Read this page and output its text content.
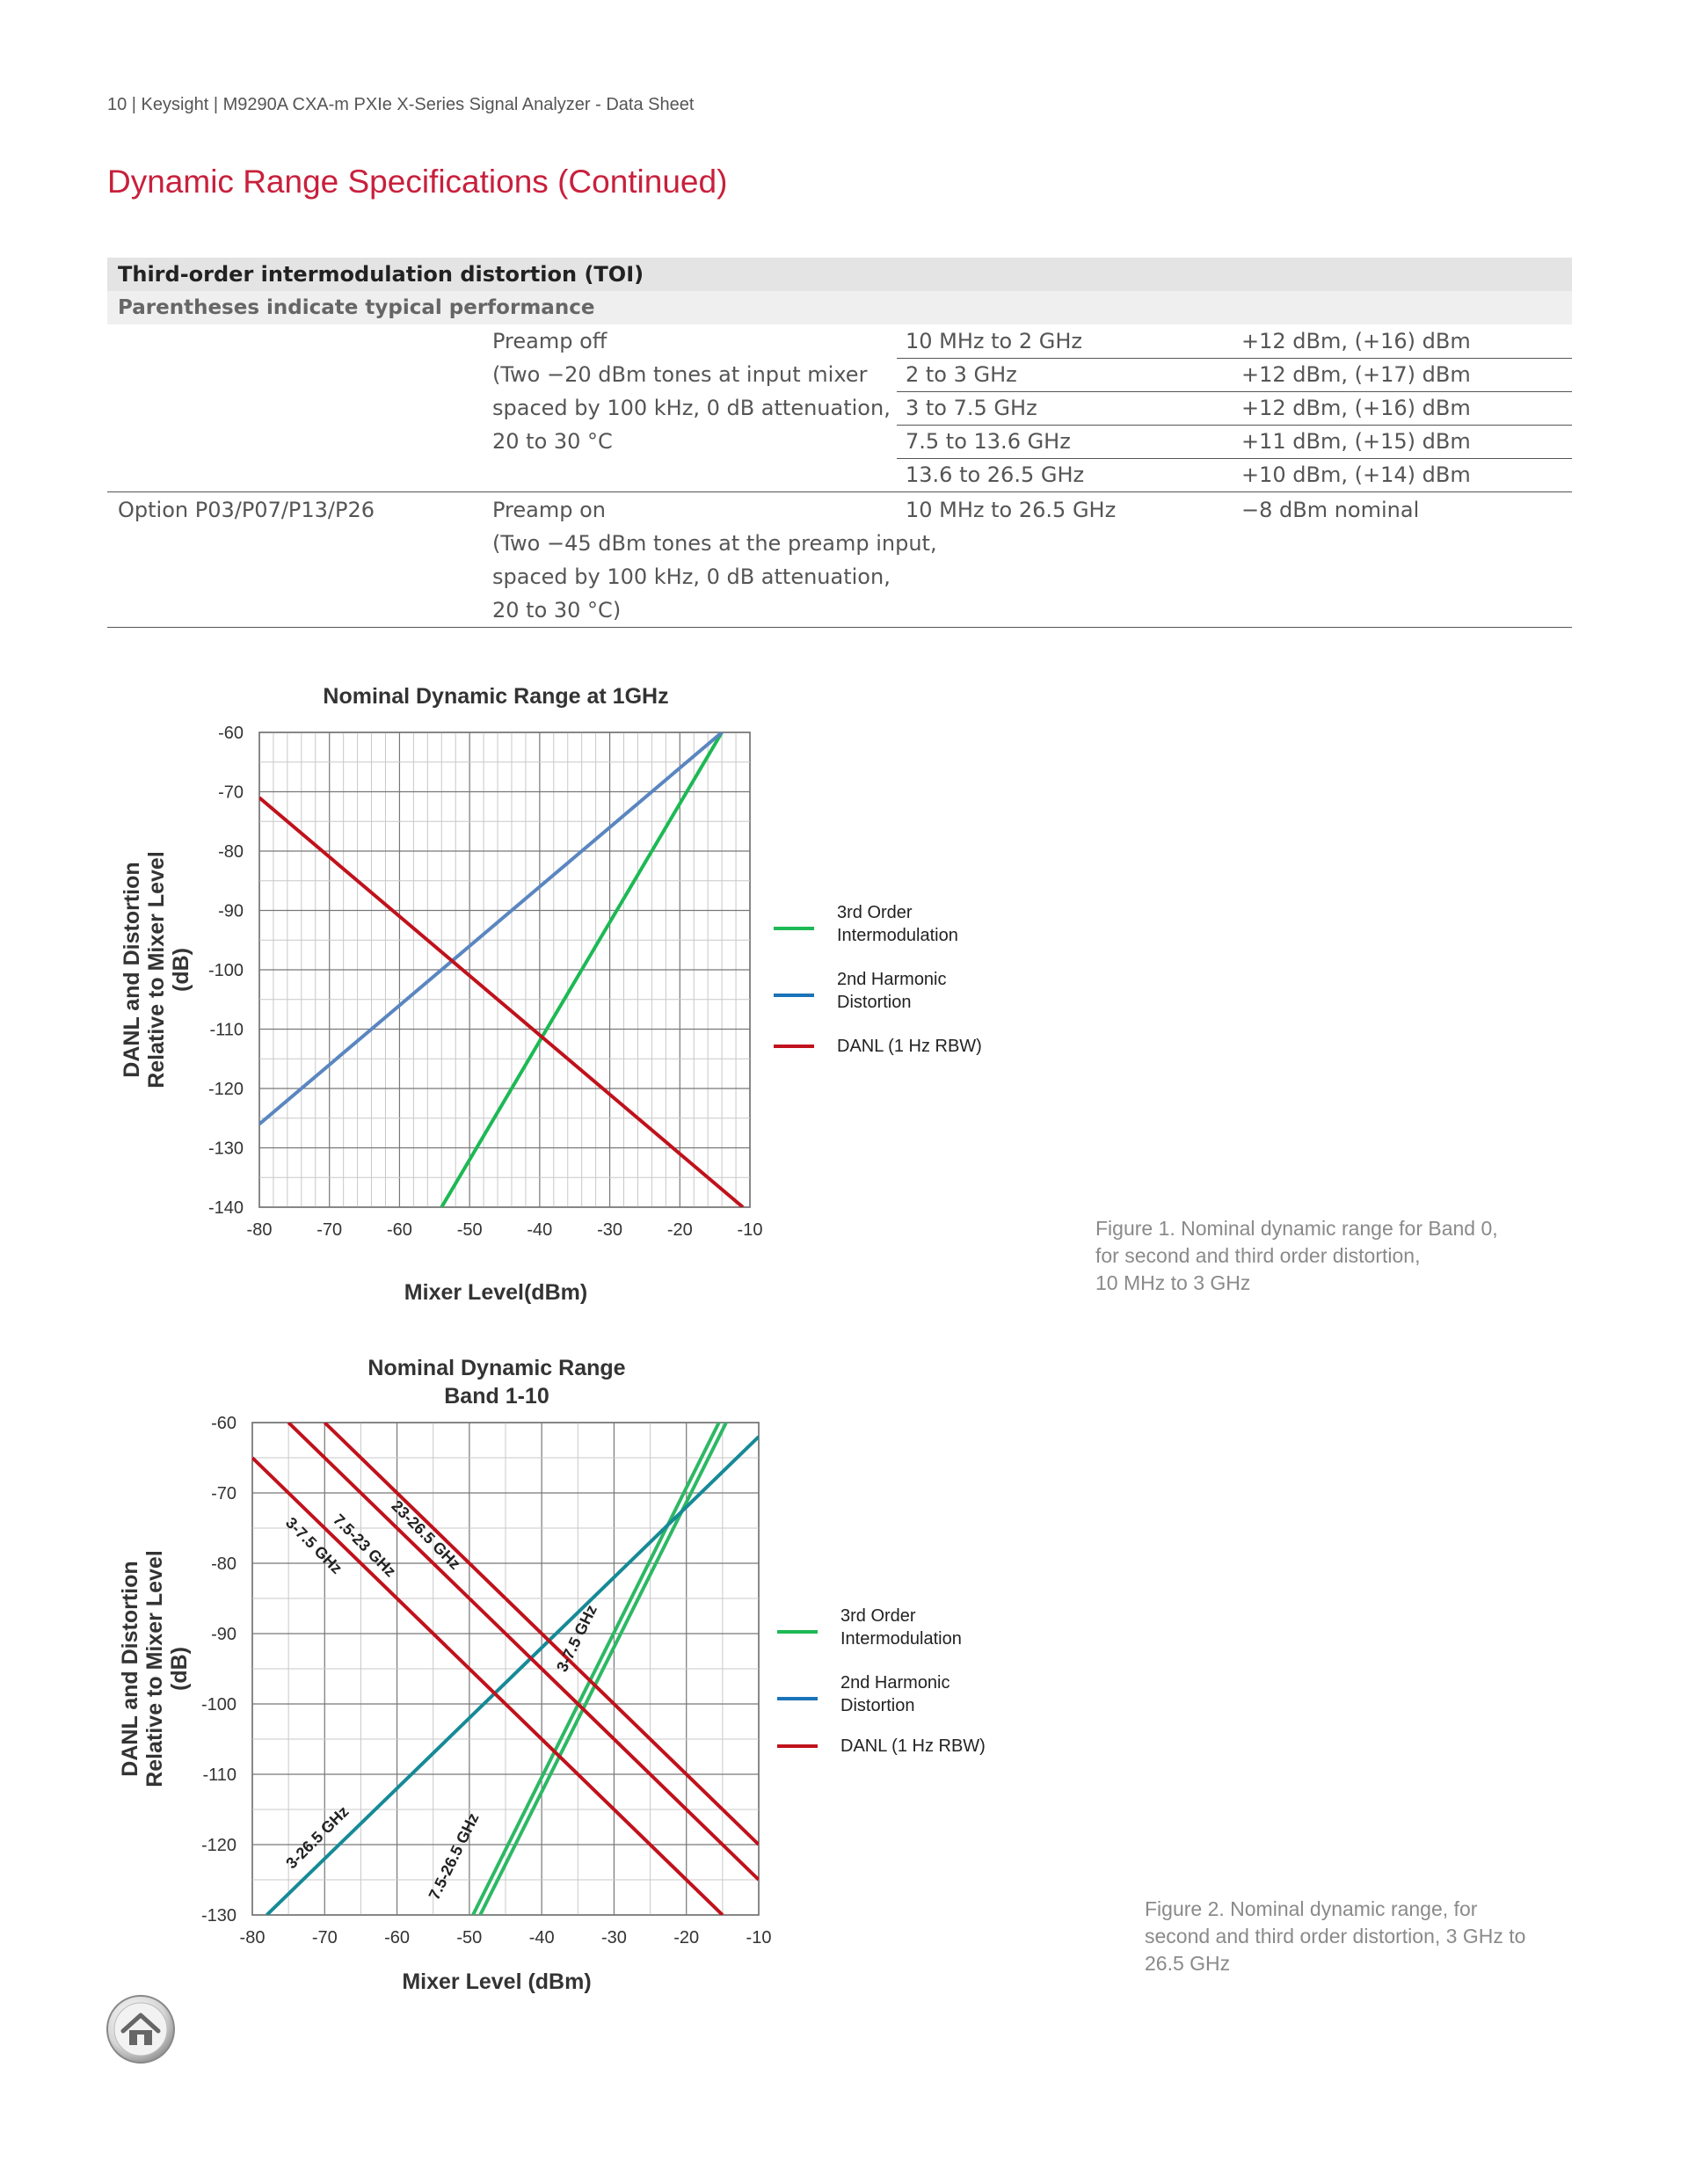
10 | Keysight | M9290A CXA-m PXIe X-Series Signal Analyzer - Data Sheet
Dynamic Range Specifications (Continued)
Third-order intermodulation distortion (TOI)
Parentheses indicate typical performance
Preamp off
(Two −20 dBm tones at input mixer
spaced by 100 kHz, 0 dB attenuation,
20 to 30 °C
10 MHz to 2 GHz	+12 dBm, (+16) dBm
2 to 3 GHz	+12 dBm, (+17) dBm
3 to 7.5 GHz	+12 dBm, (+16) dBm
7.5 to 13.6 GHz	+11 dBm, (+15) dBm
13.6 to 26.5 GHz	+10 dBm, (+14) dBm
Option P03/P07/P13/P26	Preamp on
(Two −45 dBm tones at the preamp input,
spaced by 100 kHz, 0 dB attenuation,
20 to 30 °C)
10 MHz to 26.5 GHz	−8 dBm nominal
-80	-70	-60	-50	-40	-30	-20	-10
-60
-70
-80
-90
-100
-110
-120
-130
-140
Nominal Dynamic Range at 1GHz
Mixer Level(dBm)
DANL and Distortion Relative to Mixer Level (dB)
3rd Order
Intermodulation
2nd Harmonic
Distortion
DANL (1 Hz RBW)
Figure 1. Nominal dynamic range for Band 0,
for second and third order distortion,
10 MHz to 3 GHz
-80	-70	-60	-50	-40	-30	-20	-10
-60
-70
-80
-90
-100
-110
-120
-130
3-7.5 GHz
7.5-23 GHz
23-26.5 GHz
3-7.5 GHz
3-26.5 GHz	7.5-26.5 GHz
Nominal Dynamic Range
Band 1-10
Mixer Level (dBm)
DANL and Distortion Relative to Mixer Level (dB)
3rd Order
Intermodulation
2nd Harmonic
Distortion
DANL (1 Hz RBW)
Figure 2. Nominal dynamic range, for
second and third order distortion, 3 GHz to
26.5 GHz
